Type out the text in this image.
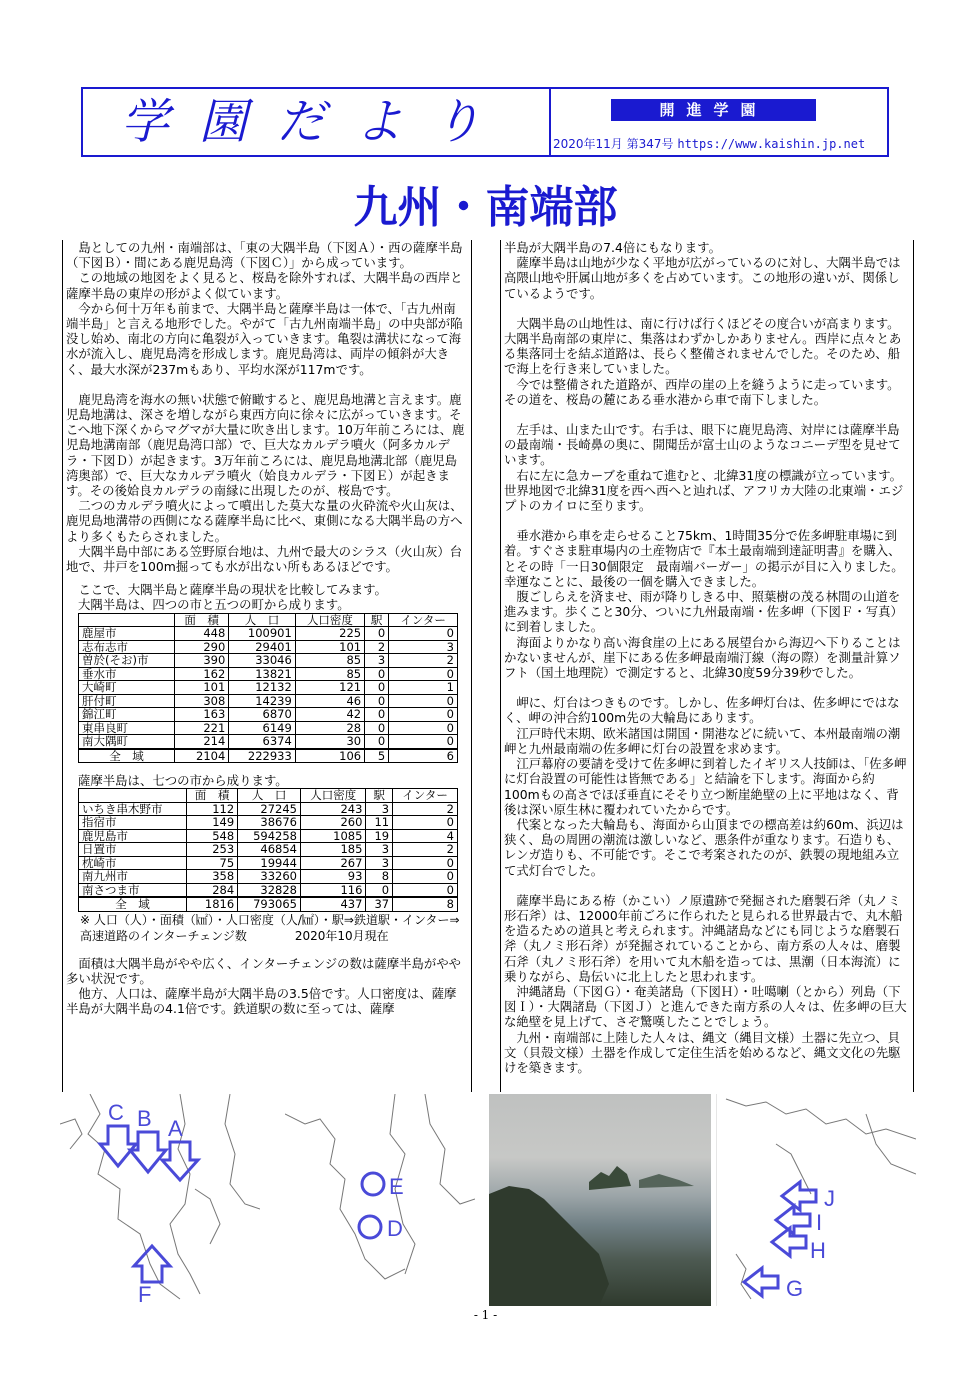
学園だより	開進学園
2020年11月 第347号 https://www.kaishin.jp.net
九州・南端部

島としての九州・南端部は、「東の大隅半島（下図Ａ）・西の薩摩半島（下図Ｂ）・間にある鹿児島湾（下図Ｃ）」から成っています。

この地域の地図をよく見ると、桜島を除外すれば、大隅半島の西岸と薩摩半島の東岸の形がよく似ています。

今から何十万年も前まで、大隅半島と薩摩半島は一体で、「古九州南端半島」と言える地形でした。やがて「古九州南端半島」の中央部が陥没し始め、南北の方向に亀裂が入っていきます。亀裂は溝状になって海水が流入し、鹿児島湾を形成します。鹿児島湾は、両岸の傾斜が大きく、最大水深が237mもあり、平均水深が117mです。

鹿児島湾を海水の無い状態で俯瞰すると、鹿児島地溝と言えます。鹿児島地溝は、深さを増しながら東西方向に徐々に広がっていきます。そこへ地下深くからマグマが大量に吹き出します。10万年前ころには、鹿児島地溝南部（鹿児島湾口部）で、巨大なカルデラ噴火（阿多カルデラ・下図Ｄ）が起きます。3万年前ころには、鹿児島地溝北部（鹿児島湾奥部）で、巨大なカルデラ噴火（姶良カルデラ・下図Ｅ）が起きます。その後姶良カルデラの南縁に出現したのが、桜島です。

二つのカルデラ噴火によって噴出した莫大な量の火砕流や火山灰は、鹿児島地溝帯の西側になる薩摩半島に比べ、東側になる大隅半島の方へより多くもたらされました。

大隅半島中部にある笠野原台地は、九州で最大のシラス（火山灰）台地で、井戸を100m掘っても水が出ない所もあるほどです。

ここで、大隅半島と薩摩半島の現状を比較してみます。

大隅半島は、四つの市と五つの町から成ります。
	面　積	人　口	人口密度	駅	インター
鹿屋市	448	100901	225	0	0
志布志市	290	29401	101	2	3
曽於(そお)市	390	33046	85	3	2
垂水市	162	13821	85	0	0
大崎町	101	12132	121	0	1
肝付町	308	14239	46	0	0
錦江町	163	6870	42	0	0
東串良町	221	6149	28	0	0
南大隅町	214	6374	30	0	0
全　域	2104	222933	106	5	6
薩摩半島は、七つの市から成ります。
	面　積	人　口	人口密度	駅	インター
いちき串木野市	112	27245	243	3	2
指宿市	149	38676	260	11	0
鹿児島市	548	594258	1085	19	4
日置市	253	46854	185	3	2
枕崎市	75	19944	267	3	0
南九州市	358	33260	93	8	0
南さつま市	284	32828	116	0	0
全　域	1816	793065	437	37	8
※ 人口（人）・面積（㎢）・人口密度（人/㎢）・駅⇒鉄道駅・インター⇒高速道路のインターチェンジ数　　　　2020年10月現在

面積は大隅半島がやや広く、インターチェンジの数は薩摩半島がやや多い状況です。

他方、人口は、薩摩半島が大隅半島の3.5倍です。人口密度は、薩摩半島が大隅半島の4.1倍です。鉄道駅の数に至っては、薩摩

半島が大隅半島の7.4倍にもなります。

薩摩半島は山地が少なく平地が広がっているのに対し、大隅半島では高隈山地や肝属山地が多くを占めています。この地形の違いが、関係しているようです。

大隅半島の山地性は、南に行けば行くほどその度合いが高まります。大隅半島南部の東岸に、集落はわずかしかありません。西岸に点々とある集落同士を結ぶ道路は、長らく整備されませんでした。そのため、船で海上を行き来していました。

今では整備された道路が、西岸の崖の上を縫うように走っています。その道を、桜島の麓にある垂水港から車で南下しました。

左手は、山また山です。右手は、眼下に鹿児島湾、対岸には薩摩半島の最南端・長崎鼻の奥に、開聞岳が富士山のようなコニーデ型を見せています。

右に左に急カーブを重ねて進むと、北緯31度の標識が立っています。世界地図で北緯31度を西へ西へと辿れば、アフリカ大陸の北東端・エジプトのカイロに至ります。

垂水港から車を走らせること75km、1時間35分で佐多岬駐車場に到着。すぐさま駐車場内の土産物店で『本土最南端到達証明書』を購入、とその時「一日30個限定　最南端バーガー」の掲示が目に入りました。幸運なことに、最後の一個を購入できました。

腹ごしらえを済ませ、雨が降りしきる中、照葉樹の茂る林間の山道を進みます。歩くこと30分、ついに九州最南端・佐多岬（下図Ｆ・写真）に到着しました。

海面よりかなり高い海食崖の上にある展望台から海辺へ下りることはかないませんが、崖下にある佐多岬最南端汀線（海の際）を測量計算ソフト（国土地理院）で測定すると、北緯30度59分39秒でした。

岬に、灯台はつきものです。しかし、佐多岬灯台は、佐多岬にではなく、岬の沖合約100m先の大輪島にあります。

江戸時代末期、欧米諸国は開国・開港などに続いて、本州最南端の潮岬と九州最南端の佐多岬に灯台の設置を求めます。

江戸幕府の要請を受けて佐多岬に到着したイギリス人技師は、「佐多岬に灯台設置の可能性は皆無である」と結論を下します。海面から約100mもの高さでほぼ垂直にそそり立つ断崖絶壁の上に平地はなく、背後は深い原生林に覆われていたからです。

代案となった大輪島も、海面から山頂までの標高差は約60m、浜辺は狭く、島の周囲の潮流は激しいなど、悪条件が重なります。石造りも、レンガ造りも、不可能です。そこで考案されたのが、鉄製の現地組み立て式灯台でした。

薩摩半島にある栫（かこい）ノ原遺跡で発掘された磨製石斧（丸ノミ形石斧）は、12000年前ごろに作られたと見られる世界最古で、丸木船を造るための道具と考えられます。沖縄諸島などにも同じような磨製石斧（丸ノミ形石斧）が発掘されていることから、南方系の人々は、磨製石斧（丸ノミ形石斧）を用いて丸木船を造っては、黒潮（日本海流）に乗りながら、島伝いに北上したと思われます。

沖縄諸島（下図Ｇ）・奄美諸島（下図Ｈ）・吐噶喇（とから）列島（下図Ｉ）・大隅諸島（下図Ｊ）と進んできた南方系の人々は、佐多岬の巨大な絶壁を見上げて、さぞ驚嘆したことでしょう。

九州・南端部に上陸した人々は、縄文（縄目文様）土器に先立つ、貝文（貝殻文様）土器を作成して定住生活を始めるなど、縄文文化の先駆けを築きます。

C B A
F
E
D
J
I
H
G
- 1 -
